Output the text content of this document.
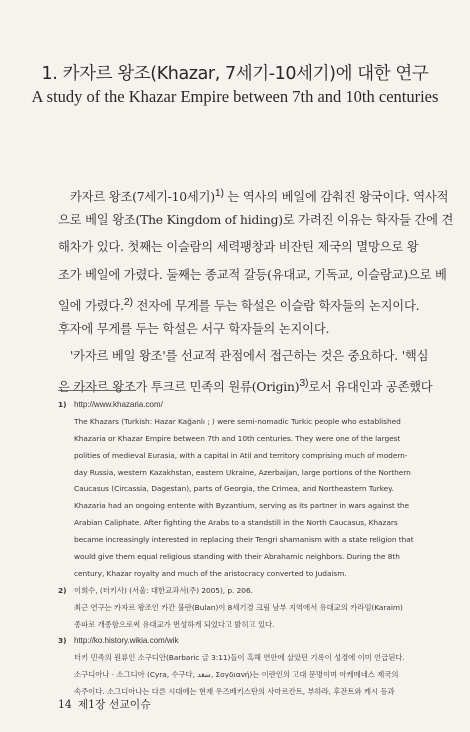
1. 카자르 왕조(Khazar, 7세기-10세기)에 대한 연구
A study of the Khazar Empire between 7th and 10th centuries
카자르 왕조(7세기-10세기)$^{1)}$ 는 역사의 베일에 감춰진 왕국이다. 역사적
으로 베일 왕조(The Kingdom of hiding)로 가려진 이유는 학자들 간에 견
해차가 있다. 첫째는 이슬람의 세력팽창과 비잔틴 제국의 멸망으로 왕
조가 베일에 가렸다. 둘째는 종교적 갈등(유대교, 기독교, 이슬람교)으로 베
일에 가렸다.$^{2)}$ 전자에 무게를 두는 학설은 이슬람 학자들의 논지이다.
후자에 무게를 두는 학설은 서구 학자들의 논지이다.
'카자르 베일 왕조'를 선교적 관점에서 접근하는 것은 중요하다. '핵심
은 카자르 왕조가 투크르 민족의 원류(Origin)$^{3)}$로서 유대인과 공존했다
1) http://www.khazaria.com/
The Khazars (Turkish: Hazar Kağanlı ; ) were semi-nomadic Turkic people who established
Khazaria or Khazar Empire between 7th and 10th centuries. They were one of the largest
polities of medieval Eurasia, with a capital in Atil and territory comprising much of modern-
day Russia, western Kazakhstan, eastern Ukraine, Azerbaijan, large portions of the Northern
Caucasus (Circassia, Dagestan), parts of Georgia, the Crimea, and Northeastern Turkey.
Khazaria had an ongoing entente with Byzantium, serving as its partner in wars against the
Arabian Caliphate. After fighting the Arabs to a standstill in the North Caucasus, Khazars
became increasingly interested in replacing their Tengri shamanism with a state religion that
would give them equal religious standing with their Abrahamic neighbors. During the 8th
century, Khazar royalty and much of the aristocracy converted to Judaism.
2) 이희수, (터키사) (서울: 대한교과서(주) 2005), p. 206.
최근 연구는 카자르 왕조인 카간 불란(Bulan)이 8세기경 크림 남부 지역에서 유대교의 카라임(Karaim)
종파로 개종함으로써 유대교가 번성하게 되었다고 밝히고 있다.
3) http://ko.history.wikia.com/wik
터키 민족의 원류인 소구디안(Barbaric 글 3:11)들이 흑해 연안에 살았던 기록이 성경에 이미 언급된다.
소구디아나 · 소그디아 (Cyra, 수구다, سغد, Σογδιανή)는 이란인의 고대 문명이며 아케메네스 제국의
속주이다. 소그디아나는 다른 시대에는 현재 우즈베키스탄의 사마르칸트, 부하라, 후잔트와 케시 등과
14 제1장 선교이슈
